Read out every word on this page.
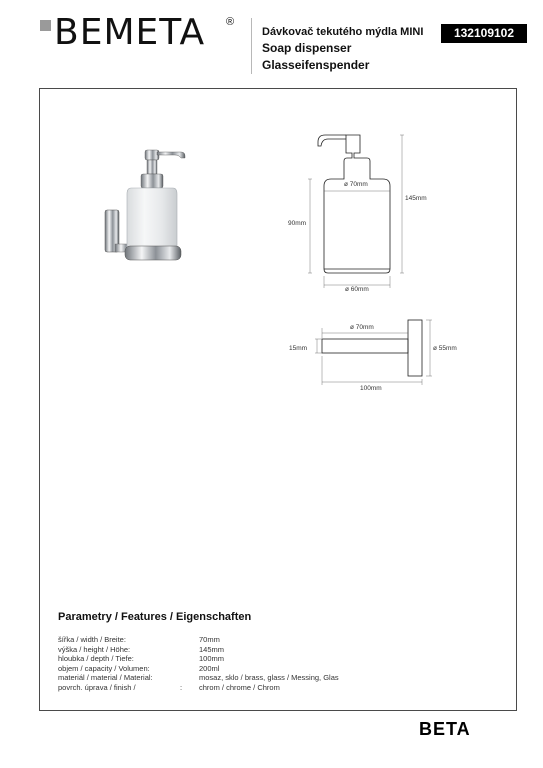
BEMETA ®
Dávkovač tekutého mýdla MINI
Soap dispenser
Glasseifenspender
132109102
ø 70mm
145mm
90mm
ø 60mm
ø 70mm
15mm	ø 55mm
100mm
Parametry / Features / Eigenschaften
šířka / width / Breite:	70mm
výška / height / Höhe:	145mm
hloubka / depth / Tiefe:	100mm
objem / capacity / Volumen:	200ml
materiál / material / Material:	mosaz, sklo / brass, glass / Messing, Glas
povrch. úprava / finish /	: chrom / chrome / Chrom
BETA
